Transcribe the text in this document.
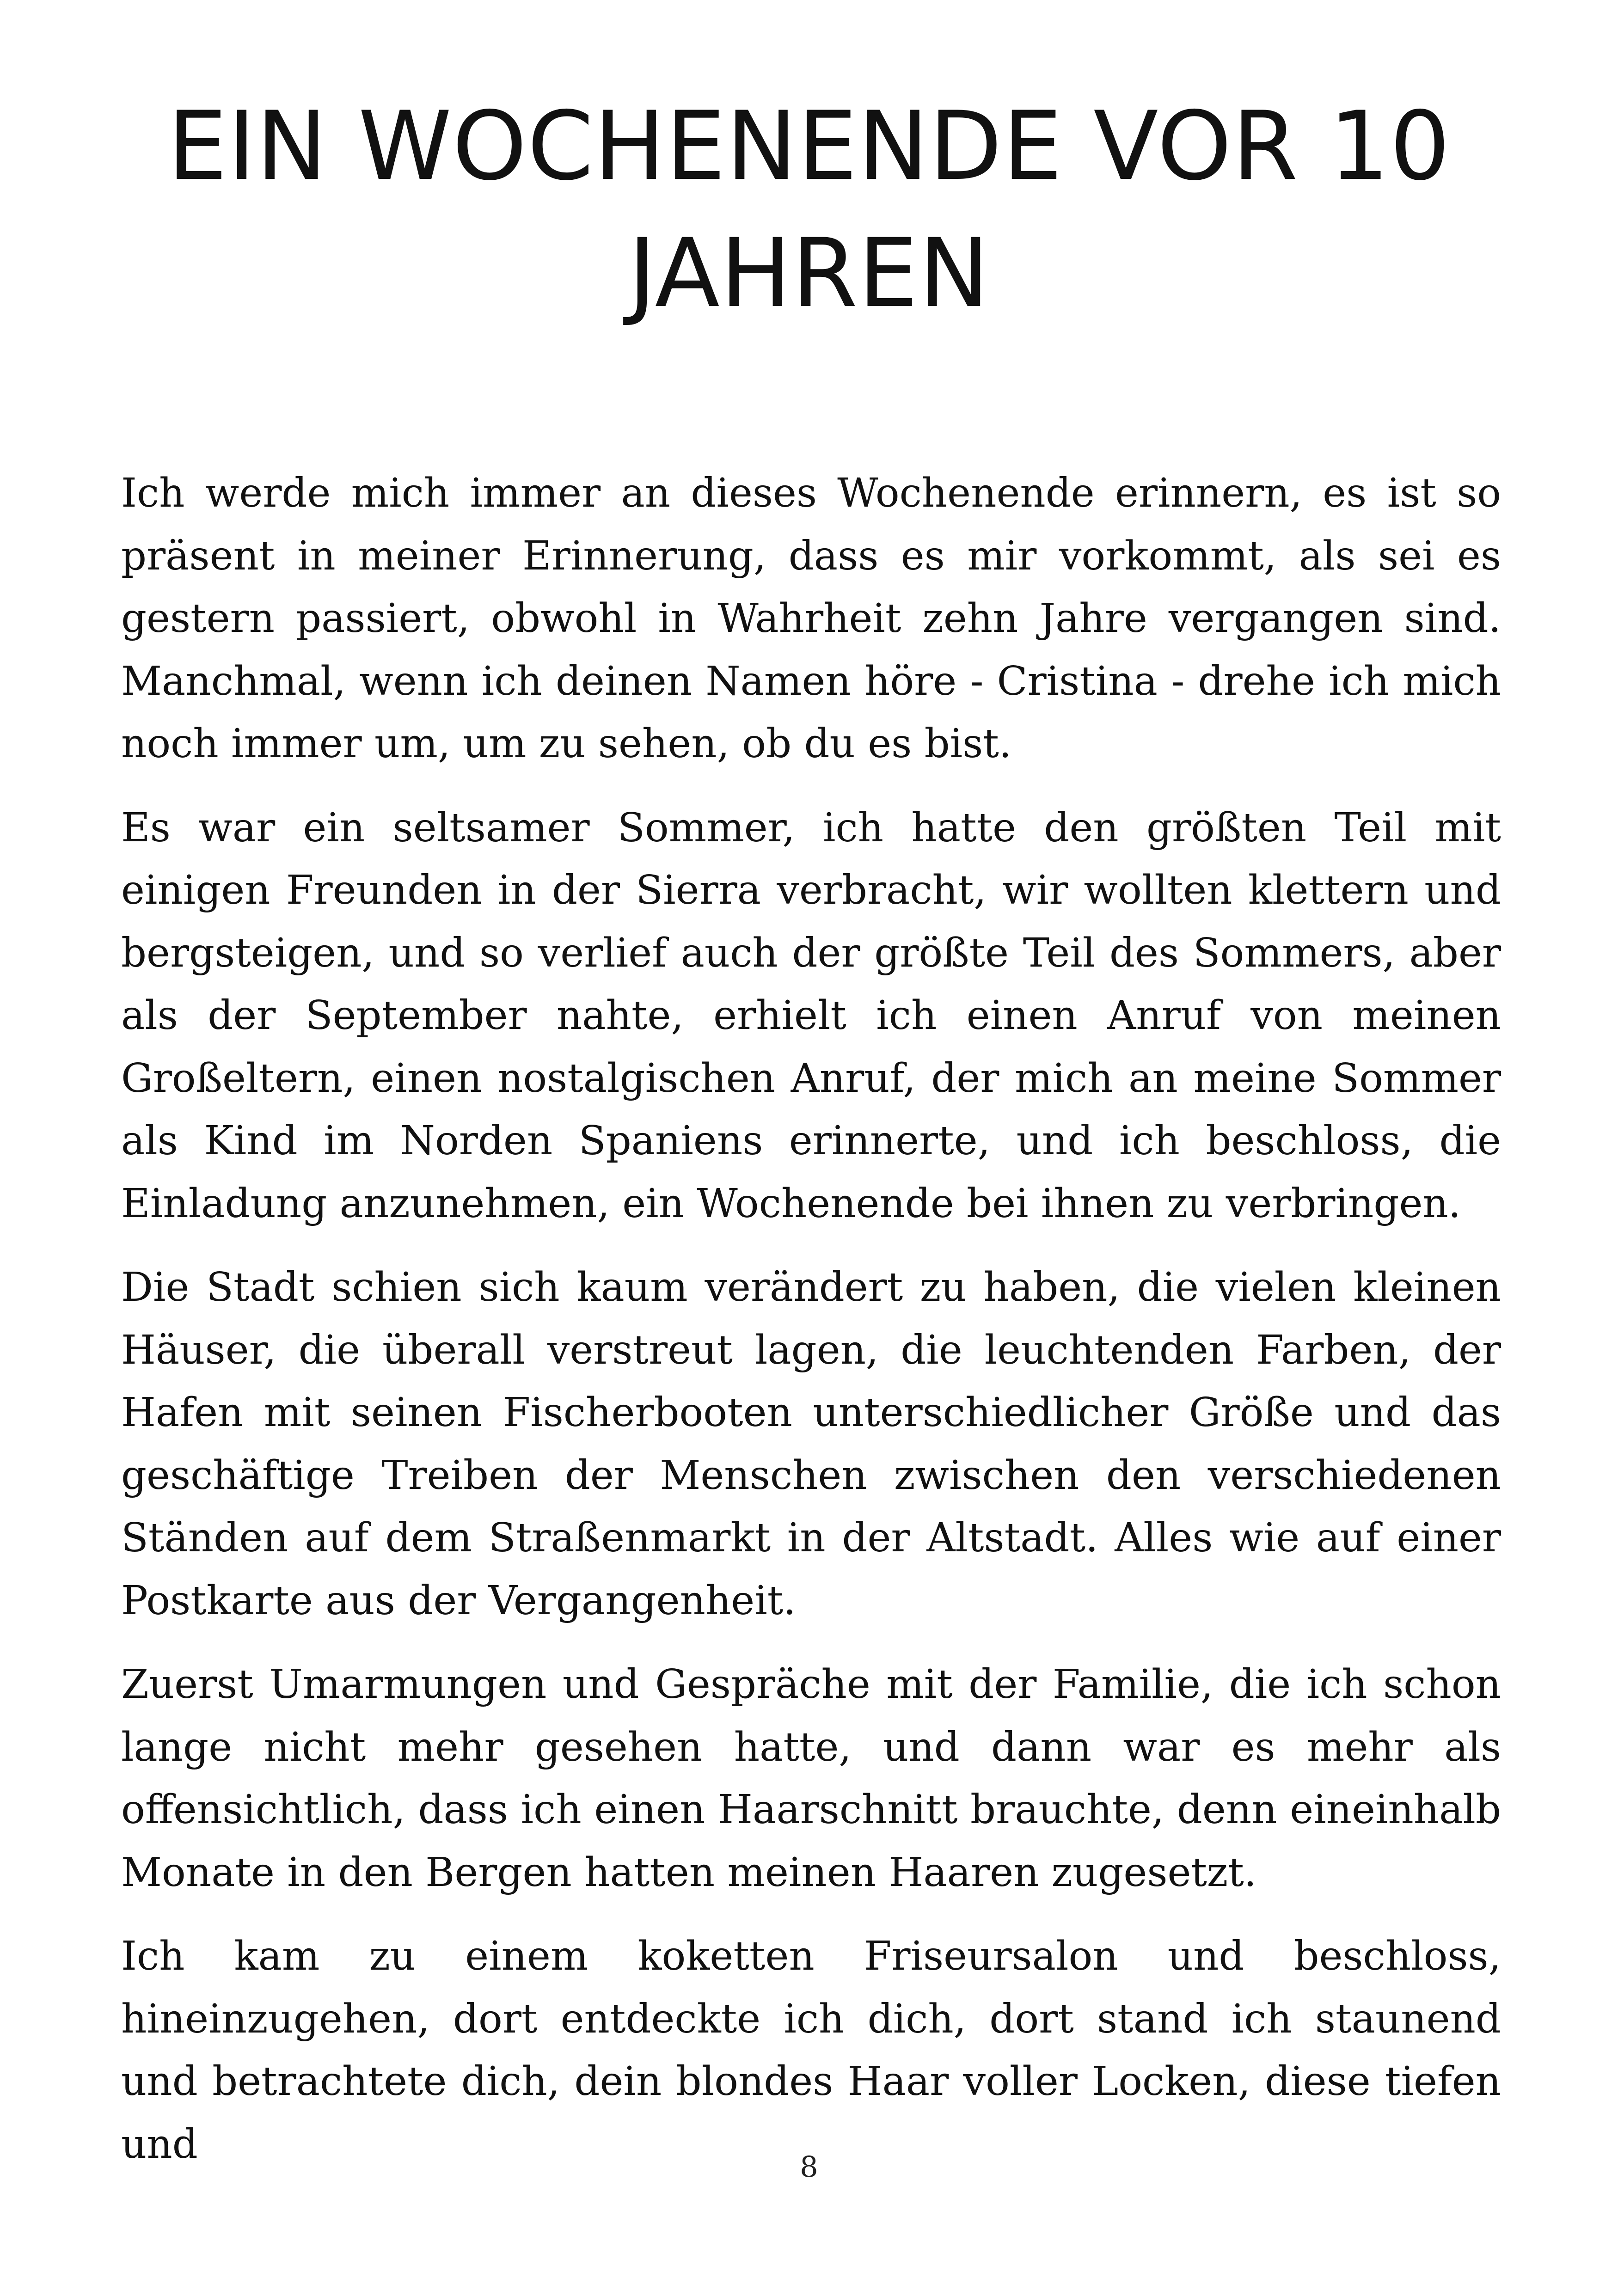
EIN WOCHENENDE VOR 10 JAHREN

Ich werde mich immer an dieses Wochenende erinnern, es ist so präsent in meiner Erinnerung, dass es mir vorkommt, als sei es gestern passiert, obwohl in Wahrheit zehn Jahre vergangen sind. Manchmal, wenn ich deinen Namen höre - Cristina - drehe ich mich noch immer um, um zu sehen, ob du es bist.

Es war ein seltsamer Sommer, ich hatte den größten Teil mit einigen Freunden in der Sierra verbracht, wir wollten klettern und bergsteigen, und so verlief auch der größte Teil des Sommers, aber als der September nahte, erhielt ich einen Anruf von meinen Großeltern, einen nostalgischen Anruf, der mich an meine Sommer als Kind im Norden Spaniens erinnerte, und ich beschloss, die Einladung anzunehmen, ein Wochenende bei ihnen zu verbringen.

Die Stadt schien sich kaum verändert zu haben, die vielen kleinen Häuser, die überall verstreut lagen, die leuchtenden Farben, der Hafen mit seinen Fischerbooten unterschiedlicher Größe und das geschäftige Treiben der Menschen zwischen den verschiedenen Ständen auf dem Straßenmarkt in der Altstadt. Alles wie auf einer Postkarte aus der Vergangenheit.

Zuerst Umarmungen und Gespräche mit der Familie, die ich schon lange nicht mehr gesehen hatte, und dann war es mehr als offensichtlich, dass ich einen Haarschnitt brauchte, denn eineinhalb Monate in den Bergen hatten meinen Haaren zugesetzt.

Ich kam zu einem koketten Friseursalon und beschloss, hineinzugehen, dort entdeckte ich dich, dort stand ich staunend und betrachtete dich, dein blondes Haar voller Locken, diese tiefen und	8
